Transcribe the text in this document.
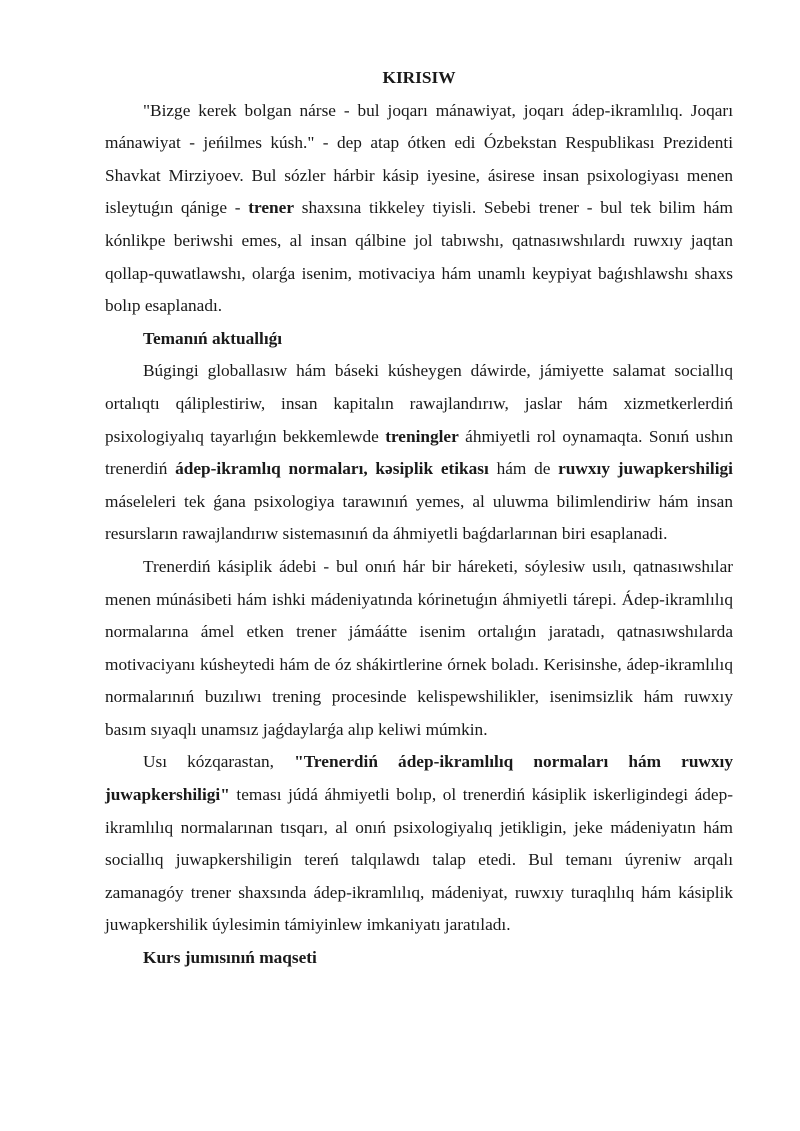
KIRISIW

"Bizge kerek bolgan nárse - bul joqarı mánawiyat, joqarı ádep-ikramlılıq. Joqarı mánawiyat - jeńilmes kúsh." - dep atap ótken edi Ózbekstan Respublikası Prezidenti Shavkat Mirziyoev. Bul sózler hárbir kásip iyesine, ásirese insan psixologiyası menen isleytuǵın qánige - trener shaxsına tikkeley tiyisli. Sebebi trener - bul tek bilim hám kónlikpe beriwshi emes, al insan qálbine jol tabıwshı, qatnasıwshılardı ruwxıy jaqtan qollap-quwatlawshı, olarǵa isenim, motivaciya hám unamlı keypiyat baǵıshlawshı shaxs bolıp esaplanadı.

Temanıń aktuallıǵı

Búgingi globallasıw hám báseki kúsheygen dáwirde, jámiyette salamat sociallıq ortalıqtı qáliplestiriw, insan kapitalın rawajlandırıw, jaslar hám xizmetkerlerdiń psixologiyalıq tayarlıǵın bekkemlewde treningler áhmiyetli rol oynamaqta. Sonıń ushın trenerdiń ádep-ikramlıq normaları, kəsiplik etikası hám de ruwxıy juwapkershiligi máseleleri tek ǵana psixologiya tarawınıń yemes, al uluwma bilimlendiriw hám insan resursların rawajlandırıw sistemasınıń da áhmiyetli baǵdarlarınan biri esaplanadi.

Trenerdiń kásiplik ádebi - bul onıń hár bir háreketi, sóylesiw usılı, qatnasıwshılar menen múnásibeti hám ishki mádeniyatında kórinetuǵın áhmiyetli tárepi. Ádep-ikramlılıq normalarına ámel etken trener jámáátte isenim ortalıǵın jaratadı, qatnasıwshılarda motivaciyanı kúsheytedi hám de óz shákirtlerine órnek boladı. Kerisinshe, ádep-ikramlılıq normalarınıń buzılıwı trening procesinde kelispewshilikler, isenimsizlik hám ruwxıy basım sıyaqlı unamsız jaǵdaylarǵa alıp keliwi múmkin.

Usı kózqarastan, "Trenerdiń ádep-ikramlılıq normaları hám ruwxıy juwapkershiligi" teması júdá áhmiyetli bolıp, ol trenerdiń kásiplik iskerligindegi ádep-ikramlılıq normalarınan tısqarı, al onıń psixologiyalıq jetikligin, jeke mádeniyatın hám sociallıq juwapkershiligin tereń talqılawdı talap etedi. Bul temanı úyreniw arqalı zamanagóy trener shaxsında ádep-ikramlılıq, mádeniyat, ruwxıy turaqlılıq hám kásiplik juwapkershilik úylesimin támiyinlew imkaniyatı jaratıladı.

Kurs jumısınıń maqseti
